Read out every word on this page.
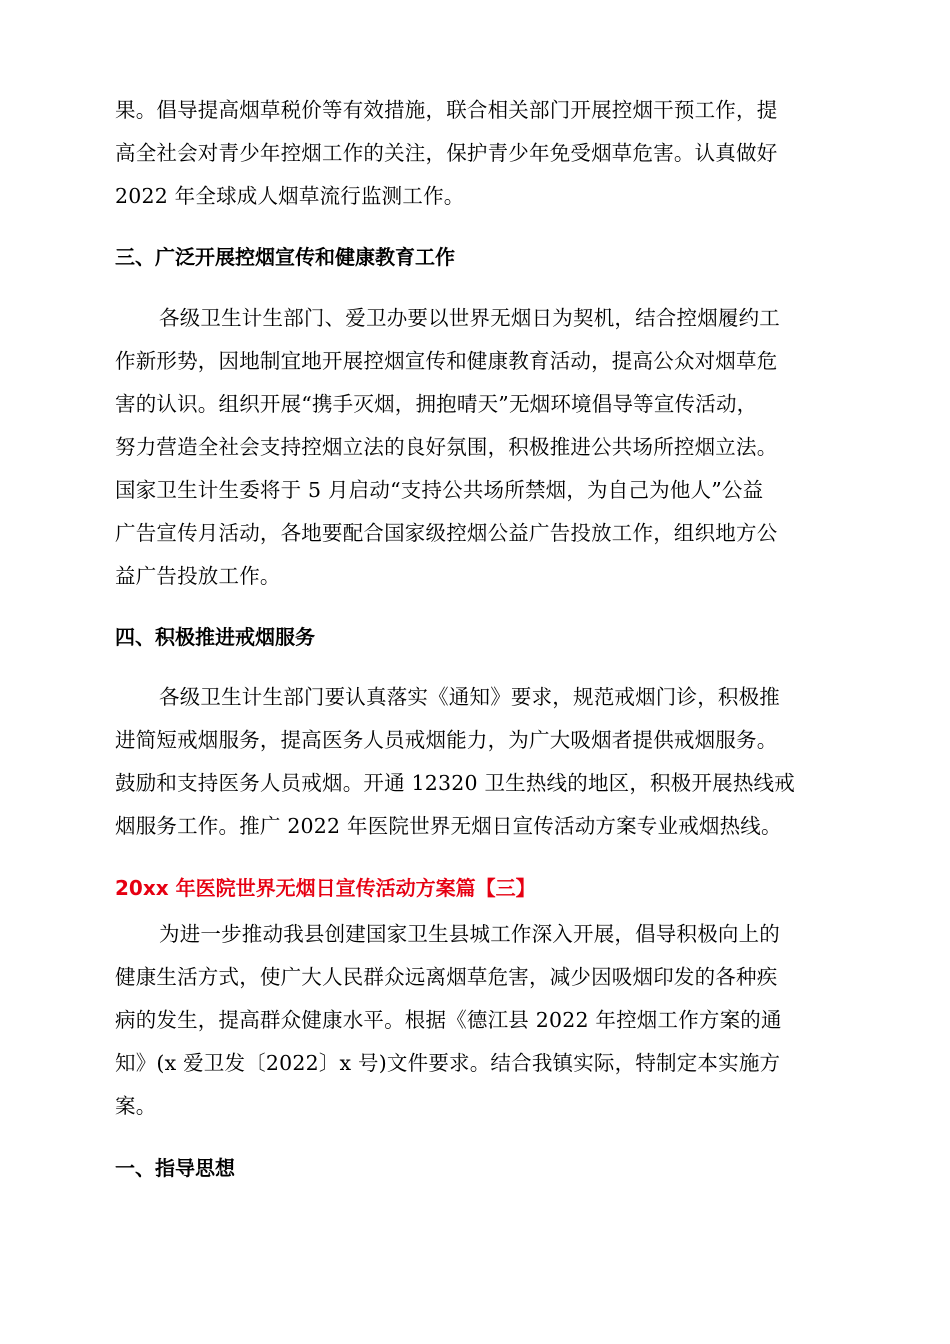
果。倡导提高烟草税价等有效措施，联合相关部门开展控烟干预工作，提
高全社会对青少年控烟工作的关注，保护青少年免受烟草危害。认真做好
2022 年全球成人烟草流行监测工作。
三、广泛开展控烟宣传和健康教育工作
各级卫生计生部门、爱卫办要以世界无烟日为契机，结合控烟履约工
作新形势，因地制宜地开展控烟宣传和健康教育活动，提高公众对烟草危
害的认识。组织开展“携手灭烟，拥抱晴天”无烟环境倡导等宣传活动，
努力营造全社会支持控烟立法的良好氛围，积极推进公共场所控烟立法。
国家卫生计生委将于 5 月启动“支持公共场所禁烟，为自己为他人”公益
广告宣传月活动，各地要配合国家级控烟公益广告投放工作，组织地方公
益广告投放工作。
四、积极推进戒烟服务
各级卫生计生部门要认真落实《通知》要求，规范戒烟门诊，积极推
进简短戒烟服务，提高医务人员戒烟能力，为广大吸烟者提供戒烟服务。
鼓励和支持医务人员戒烟。开通 12320 卫生热线的地区，积极开展热线戒
烟服务工作。推广 2022 年医院世界无烟日宣传活动方案专业戒烟热线。
20xx 年医院世界无烟日宣传活动方案篇【三】
为进一步推动我县创建国家卫生县城工作深入开展，倡导积极向上的
健康生活方式，使广大人民群众远离烟草危害，减少因吸烟印发的各种疾
病的发生，提高群众健康水平。根据《德江县 2022 年控烟工作方案的通
知》(x 爱卫发〔2022〕x 号)文件要求。结合我镇实际，特制定本实施方
案。
一、指导思想
